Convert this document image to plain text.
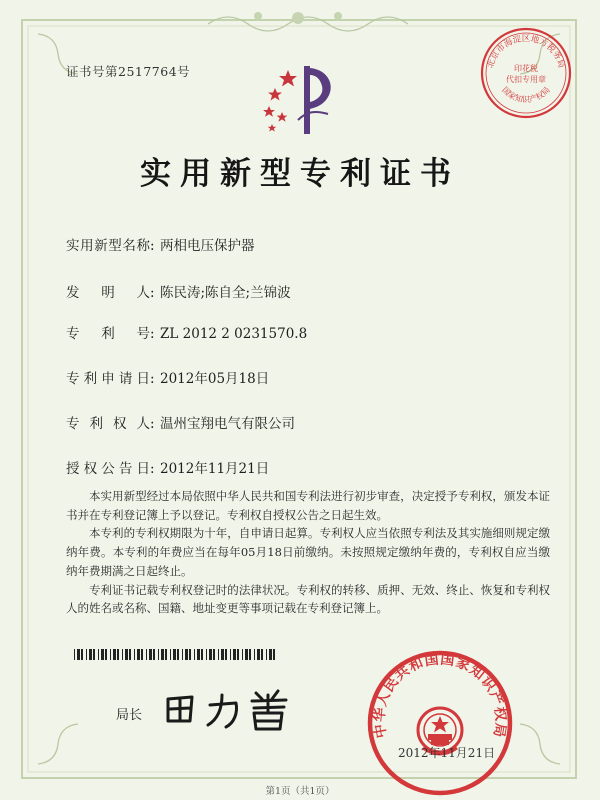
证书号第2517764号
北京市海淀区地方税务局
印花税
代扣专用章
国家知识产权局
实用新型专利证书
实用新型名称: 两相电压保护器
发明人: 陈民涛;陈自全;兰锦波
专利号: ZL 2012 2 0231570.8
专利申请日: 2012年05月18日
专利权人: 温州宝翔电气有限公司
授权公告日: 2012年11月21日

本实用新型经过本局依照中华人民共和国专利法进行初步审查，决定授予专利权，颁发本证书并在专利登记簿上予以登记。专利权自授权公告之日起生效。

本专利的专利权期限为十年，自申请日起算。专利权人应当依照专利法及其实施细则规定缴纳年费。本专利的年费应当在每年05月18日前缴纳。未按照规定缴纳年费的，专利权自应当缴纳年费期满之日起终止。

专利证书记载专利权登记时的法律状况。专利权的转移、质押、无效、终止、恢复和专利权人的姓名或名称、国籍、地址变更等事项记载在专利登记簿上。

局长
中华人民共和国国家知识产权局
2012年11月21日
第1页（共1页）
